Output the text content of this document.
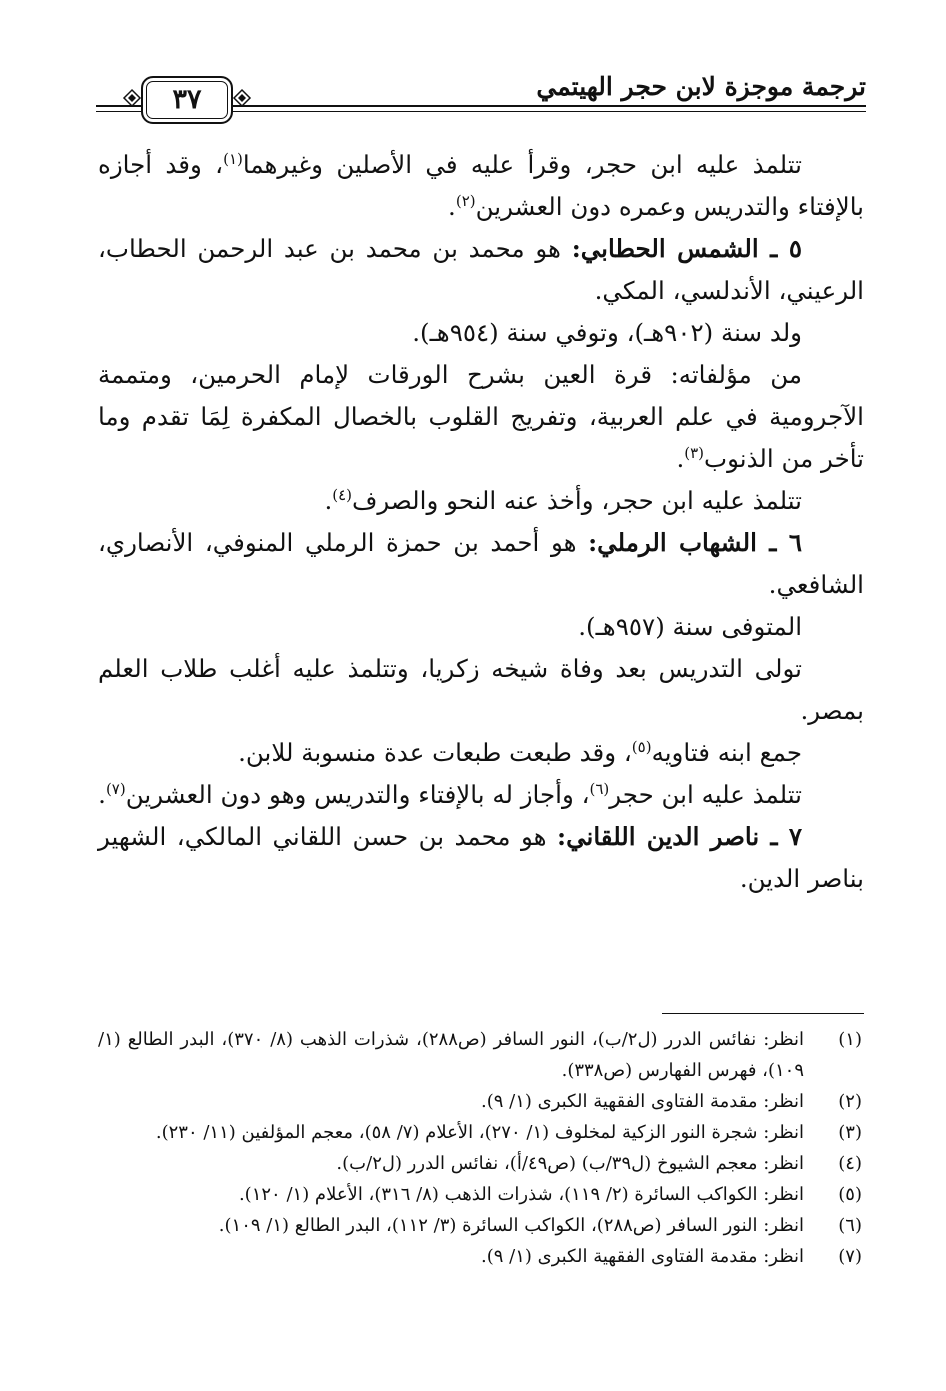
ترجمة موجزة لابن حجر الهيتمي
٣٧

تتلمذ عليه ابن حجر، وقرأ عليه في الأصلين وغيرهما$^{(١)}$، وقد أجازه بالإفتاء والتدريس وعمره دون العشرين$^{(٢)}$.

٥ ـ الشمس الحطابي: هو محمد بن محمد بن عبد الرحمن الحطاب، الرعيني، الأندلسي، المكي.

ولد سنة (٩٠٢هـ)، وتوفي سنة (٩٥٤هـ).

من مؤلفاته: قرة العين بشرح الورقات لإمام الحرمين، ومتممة الآجرومية في علم العربية، وتفريج القلوب بالخصال المكفرة لِمَا تقدم وما تأخر من الذنوب$^{(٣)}$.

تتلمذ عليه ابن حجر، وأخذ عنه النحو والصرف$^{(٤)}$.

٦ ـ الشهاب الرملي: هو أحمد بن حمزة الرملي المنوفي، الأنصاري، الشافعي.

المتوفى سنة (٩٥٧هـ).

تولى التدريس بعد وفاة شيخه زكريا، وتتلمذ عليه أغلب طلاب العلم بمصر.

جمع ابنه فتاويه$^{(٥)}$، وقد طبعت طبعات عدة منسوبة للابن.

تتلمذ عليه ابن حجر$^{(٦)}$، وأجاز له بالإفتاء والتدريس وهو دون العشرين$^{(٧)}$.

٧ ـ ناصر الدين اللقاني: هو محمد بن حسن اللقاني المالكي، الشهير بناصر الدين.

(١)
انظر: نفائس الدرر (ل٢/ب)، النور السافر (ص٢٨٨)، شذرات الذهب (٨/ ٣٧٠)، البدر الطالع (١/ ١٠٩)، فهرس الفهارس (ص٣٣٨).

(٢)
انظر: مقدمة الفتاوى الفقهية الكبرى (١/ ٩).

(٣)
انظر: شجرة النور الزكية لمخلوف (١/ ٢٧٠)، الأعلام (٧/ ٥٨)، معجم المؤلفين (١١/ ٢٣٠).

(٤)
انظر: معجم الشيوخ (ل٣٩/ب) (ص٤٩/أ)، نفائس الدرر (ل٢/ب).

(٥)
انظر: الكواكب السائرة (٢/ ١١٩)، شذرات الذهب (٨/ ٣١٦)، الأعلام (١/ ١٢٠).

(٦)
انظر: النور السافر (ص٢٨٨)، الكواكب السائرة (٣/ ١١٢)، البدر الطالع (١/ ١٠٩).

(٧)
انظر: مقدمة الفتاوى الفقهية الكبرى (١/ ٩).
